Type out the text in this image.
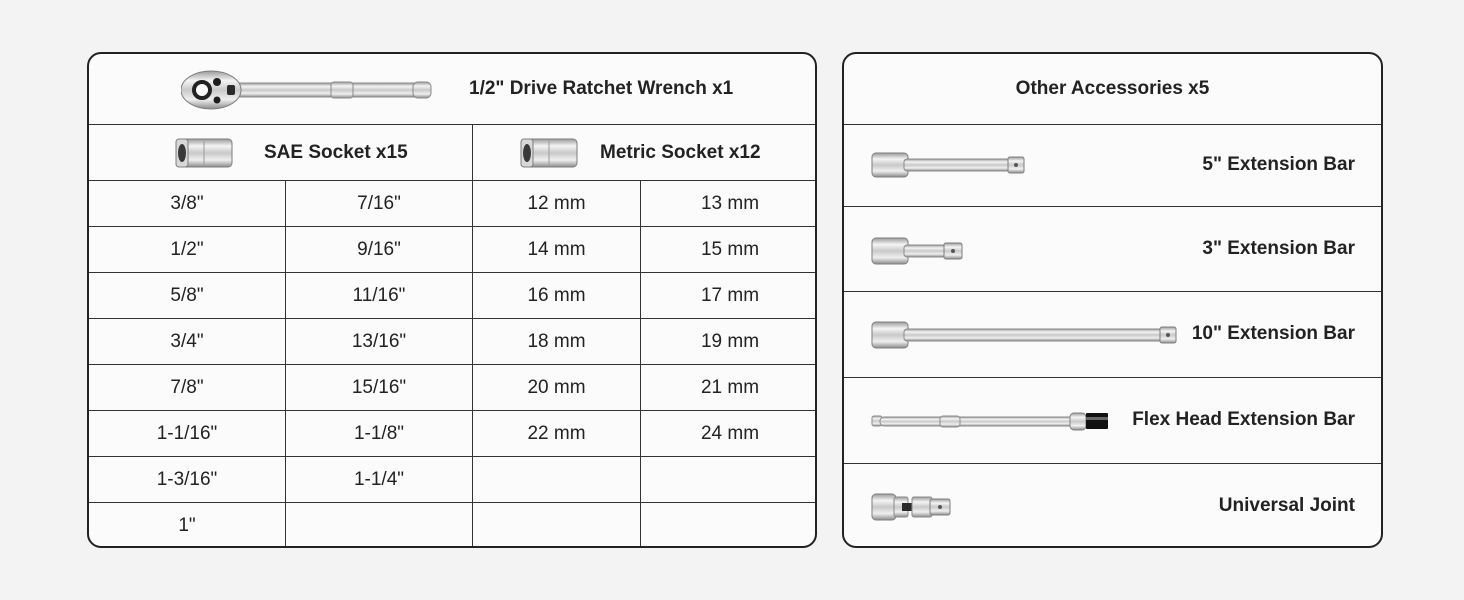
1/2" Drive Ratchet Wrench x1
SAE Socket x15	Metric Socket x12
3/8"	7/16"	12 mm	13 mm
1/2"	9/16"	14 mm	15 mm
5/8"	11/16"	16 mm	17 mm
3/4"	13/16"	18 mm	19 mm
7/8"	15/16"	20 mm	21 mm
1-1/16"	1-1/8"	22 mm	24 mm
1-3/16"	1-1/4"
1"
Other Accessories x5
5" Extension Bar
3" Extension Bar
10" Extension Bar
Flex Head Extension Bar
Universal Joint
